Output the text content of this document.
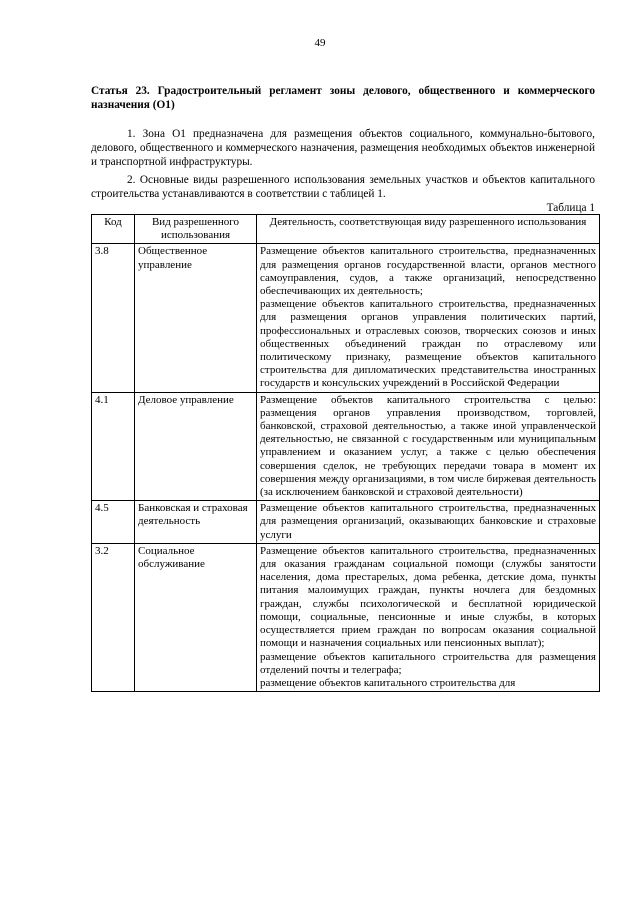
49
Статья 23. Градостроительный регламент зоны делового, общественного и коммерческого назначения (О1)
1. Зона О1 предназначена для размещения объектов социального, коммунально-бытового, делового, общественного и коммерческого назначения, размещения необходимых объектов инженерной и транспортной инфраструктуры.
2. Основные виды разрешенного использования земельных участков и объектов капитального строительства устанавливаются в соответствии с таблицей 1.
Таблица 1
Код	Вид разрешенного использования	Деятельность, соответствующая виду разрешенного использования
3.8	Общественное управление	Размещение объектов капитального строительства, предназначенных для размещения органов государственной власти, органов местного самоуправления, судов, а также организаций, непосредственно обеспечивающих их деятельность;
размещение объектов капитального строительства, предназначенных для размещения органов управления политических партий, профессиональных и отраслевых союзов, творческих союзов и иных общественных объединений граждан по отраслевому или политическому признаку, размещение объектов капитального строительства для дипломатических представительства иностранных государств и консульских учреждений в Российской Федерации

4.1	Деловое управление	Размещение объектов капитального строительства с целью: размещения органов управления производством, торговлей, банковской, страховой деятельностью, а также иной управленческой деятельностью, не связанной с государственным или муниципальным управлением и оказанием услуг, а также с целью обеспечения совершения сделок, не требующих передачи товара в момент их совершения между организациями, в том числе биржевая деятельность (за исключением банковской и страховой деятельности)

4.5	Банковская и страховая деятельность	Размещение объектов капитального строительства, предназначенных для размещения организаций, оказывающих банковские и страховые услуги

3.2	Социальное обслуживание	Размещение объектов капитального строительства, предназначенных для оказания гражданам социальной помощи (службы занятости населения, дома престарелых, дома ребенка, детские дома, пункты питания малоимущих граждан, пункты ночлега для бездомных граждан, службы психологической и бесплатной юридической помощи, социальные, пенсионные и иные службы, в которых осуществляется прием граждан по вопросам оказания социальной помощи и назначения социальных или пенсионных выплат);
размещение объектов капитального строительства для размещения отделений почты и телеграфа;
размещение объектов капитального строительства для
